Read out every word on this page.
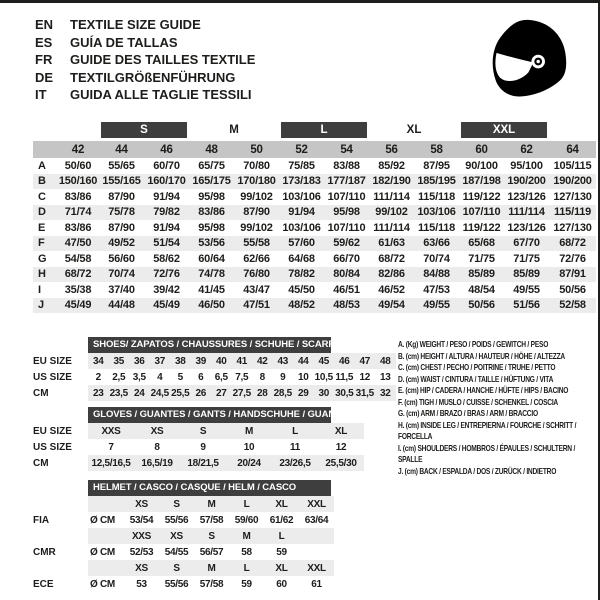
EN TEXTILE SIZE GUIDE
ES GUÍA DE TALLAS
FR GUIDE DES TAILLES TEXTILE
DE TEXTILGRÖßENFÜHRUNG
IT GUIDA ALLE TAGLIE TESSILI

		S		M		L		XL		XXL		

	42	44	46	48	50	52	54	56	58	60	62	64
A	50/60	55/65	60/70	65/75	70/80	75/85	83/88	85/92	87/95	90/100	95/100	105/115
B	150/160	155/165	160/170	165/175	170/180	173/183	177/187	182/190	185/195	187/198	190/200	190/200
C	83/86	87/90	91/94	95/98	99/102	103/106	107/110	111/114	115/118	119/122	123/126	127/130
D	71/74	75/78	79/82	83/86	87/90	91/94	95/98	99/102	103/106	107/110	111/114	115/119
E	83/86	87/90	91/94	95/98	99/102	103/106	107/110	111/114	115/118	119/122	123/126	127/130
F	47/50	49/52	51/54	53/56	55/58	57/60	59/62	61/63	63/66	65/68	67/70	68/72
G	54/58	56/60	58/62	60/64	62/66	64/68	66/70	68/72	70/74	71/75	71/75	72/76
H	68/72	70/74	72/76	74/78	76/80	78/82	80/84	82/86	84/88	85/89	85/89	87/91
I	35/38	37/40	39/42	41/45	43/47	45/50	46/51	46/52	47/53	48/54	49/55	50/56
J	45/49	44/48	45/49	46/50	47/51	48/52	48/53	49/54	49/55	50/56	51/56	52/58
SHOES/ ZAPATOS / CHAUSSURES / SCHUHE / SCARPE
EU SIZE	34	35	36	37	38	39	40	41	42	43	44	45	46	47	48
US SIZE	2	2,5	3,5	4	5	6	6,5	7,5	8	9	10	10,5	11,5	12	13
CM	23	23,5	24	24,5	25,5	26	27	27,5	28	28,5	29	30	30,5	31,5	32
GLOVES / GUANTES / GANTS / HANDSCHUHE / GUANTI
EU SIZE	XXS	XS	S	M	L	XL
US SIZE	7	8	9	10	11	12
CM	12,5/16,5	16,5/19	18/21,5	20/24	23/26,5	25,5/30
HELMET / CASCO / CASQUE / HELM / CASCO
		XS	S	M	L	XL	XXL
FIA	Ø CM	53/54	55/56	57/58	59/60	61/62	63/64
		XXS	XS	S	M	L	
CMR	Ø CM	52/53	54/55	56/57	58	59	
		XS	S	M	L	XL	XXL
ECE	Ø CM	53	55/56	57/58	59	60	61
A. (Kg) WEIGHT / PESO / POIDS / GEWITCH / PESO
B. (cm) HEIGHT / ALTURA / HAUTEUR / HÖHE / ALTEZZA
C. (cm) CHEST / PECHO / POITRINE / TRUHE / PETTO
D. (cm) WAIST / CINTURA / TAILLE / HÜFTUNG / VITA
E. (cm) HIP / CADERA / HANCHE / HÜFTE / HIPS / BACINO
F. (cm) TIGH / MUSLO / CUISSE / SCHENKEL / COSCIA
G. (cm) ARM / BRAZO / BRAS / ARM / BRACCIO
H. (cm) INSIDE LEG / ENTREPIERNA / FOURCHE / SCHRITT / FORCELLA
I. (cm) SHOULDERS / HOMBROS / ÉPAULES / SCHULTERN / SPALLE
J. (cm) BACK / ESPALDA / DOS / ZURÜCK / INDIETRO
